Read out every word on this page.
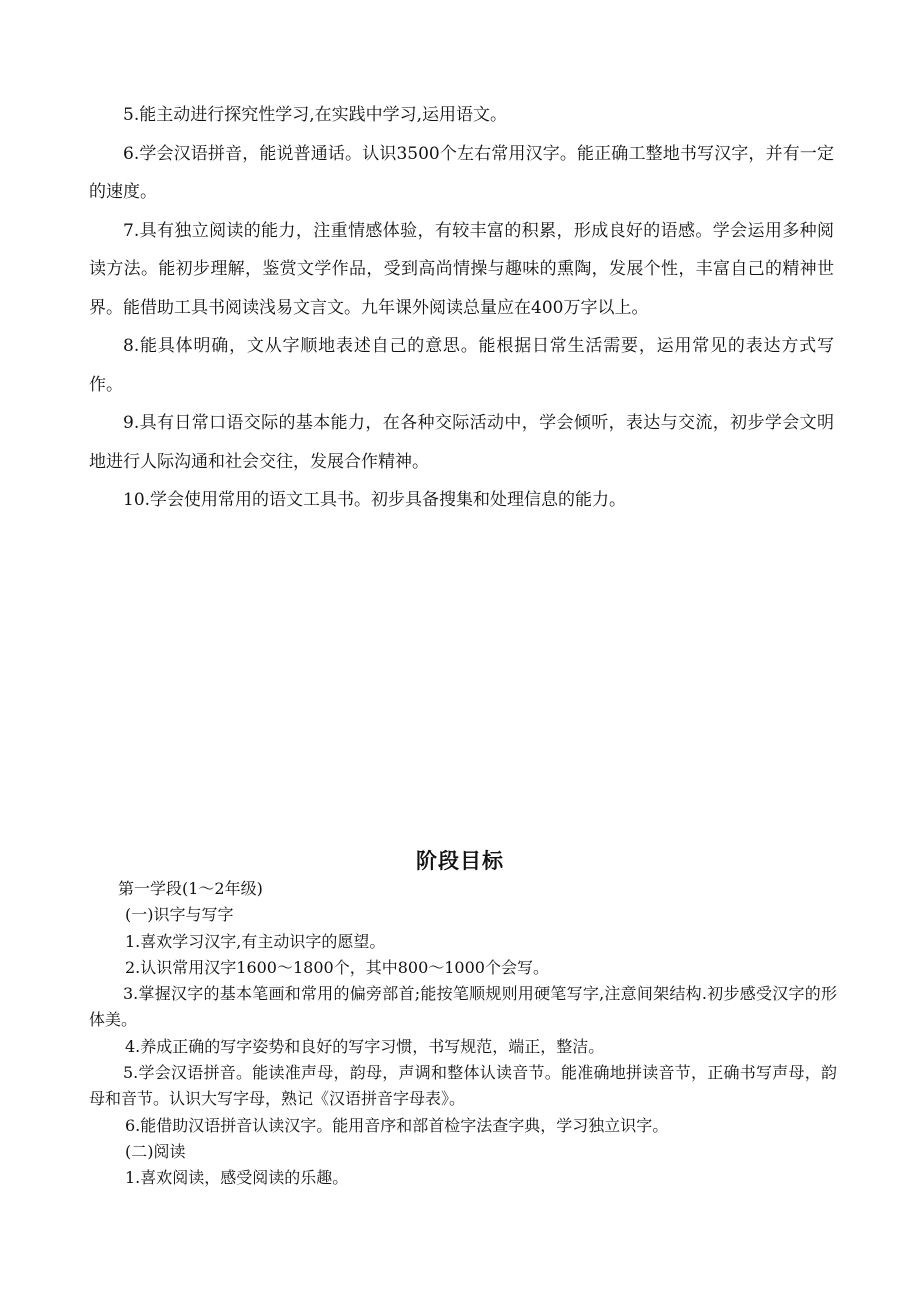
5.能主动进行探究性学习,在实践中学习,运用语文。

6.学会汉语拼音，能说普通话。认识3500个左右常用汉字。能正确工整地书写汉字，并有一定的速度。

7.具有独立阅读的能力，注重情感体验，有较丰富的积累，形成良好的语感。学会运用多种阅读方法。能初步理解，鉴赏文学作品，受到高尚情操与趣味的熏陶，发展个性，丰富自己的精神世界。能借助工具书阅读浅易文言文。九年课外阅读总量应在400万字以上。

8.能具体明确，文从字顺地表述自己的意思。能根据日常生活需要，运用常见的表达方式写作。

9.具有日常口语交际的基本能力，在各种交际活动中，学会倾听，表达与交流，初步学会文明地进行人际沟通和社会交往，发展合作精神。

10.学会使用常用的语文工具书。初步具备搜集和处理信息的能力。

阶段目标

第一学段(1～2年级)

(一)识字与写字

1.喜欢学习汉字,有主动识字的愿望。

2.认识常用汉字1600～1800个，其中800～1000个会写。

3.掌握汉字的基本笔画和常用的偏旁部首;能按笔顺规则用硬笔写字,注意间架结构.初步感受汉字的形体美。

4.养成正确的写字姿势和良好的写字习惯，书写规范，端正，整洁。

5.学会汉语拼音。能读准声母，韵母，声调和整体认读音节。能准确地拼读音节，正确书写声母，韵母和音节。认识大写字母，熟记《汉语拼音字母表》。

6.能借助汉语拼音认读汉字。能用音序和部首检字法查字典，学习独立识字。

(二)阅读

1.喜欢阅读，感受阅读的乐趣。
